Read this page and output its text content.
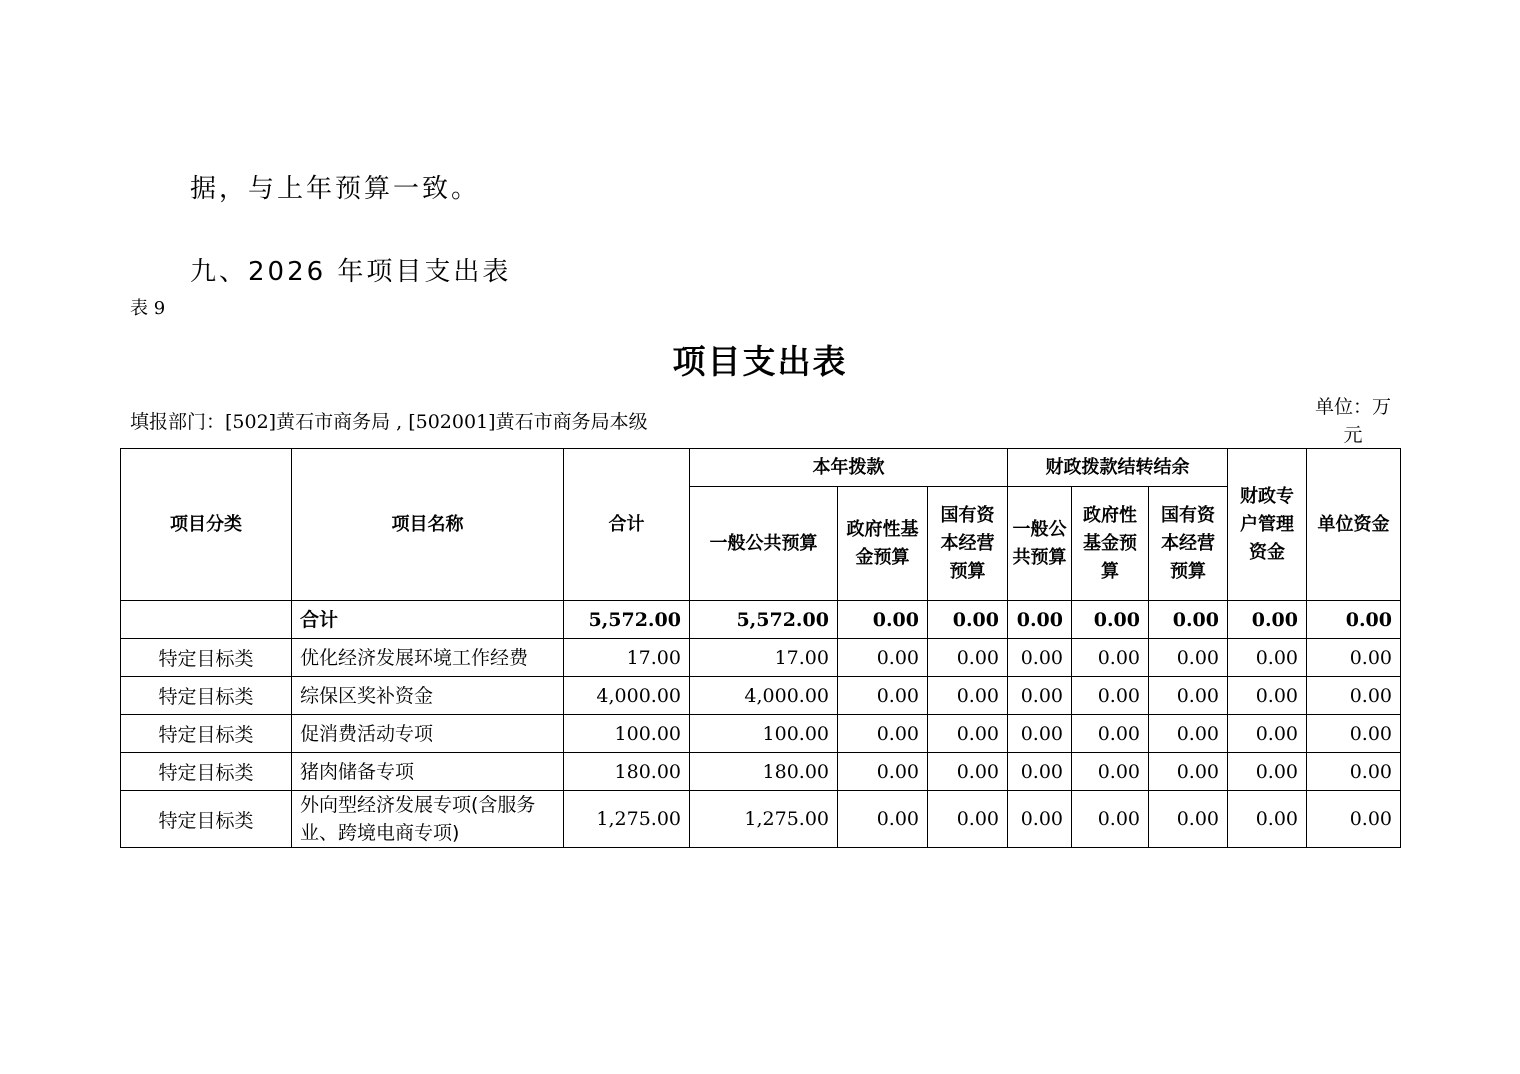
据，与上年预算一致。
九、2026 年项目支出表
表 9
项目支出表
填报部门：[502]黄石市商务局 , [502001]黄石市商务局本级
单位：万元
项目分类	项目名称	合计	本年拨款			财政拨款结转结余			财政专户管理资金	单位资金
			一般公共预算	政府性基金预算	国有资本经营预算	一般公共预算	政府性基金预算	国有资本经营预算		
	合计	5,572.00	5,572.00	0.00	0.00	0.00	0.00	0.00	0.00	0.00
特定目标类	优化经济发展环境工作经费	17.00	17.00	0.00	0.00	0.00	0.00	0.00	0.00	0.00
特定目标类	综保区奖补资金	4,000.00	4,000.00	0.00	0.00	0.00	0.00	0.00	0.00	0.00
特定目标类	促消费活动专项	100.00	100.00	0.00	0.00	0.00	0.00	0.00	0.00	0.00
特定目标类	猪肉储备专项	180.00	180.00	0.00	0.00	0.00	0.00	0.00	0.00	0.00
特定目标类	外向型经济发展专项(含服务业、跨境电商专项)	1,275.00	1,275.00	0.00	0.00	0.00	0.00	0.00	0.00	0.00
